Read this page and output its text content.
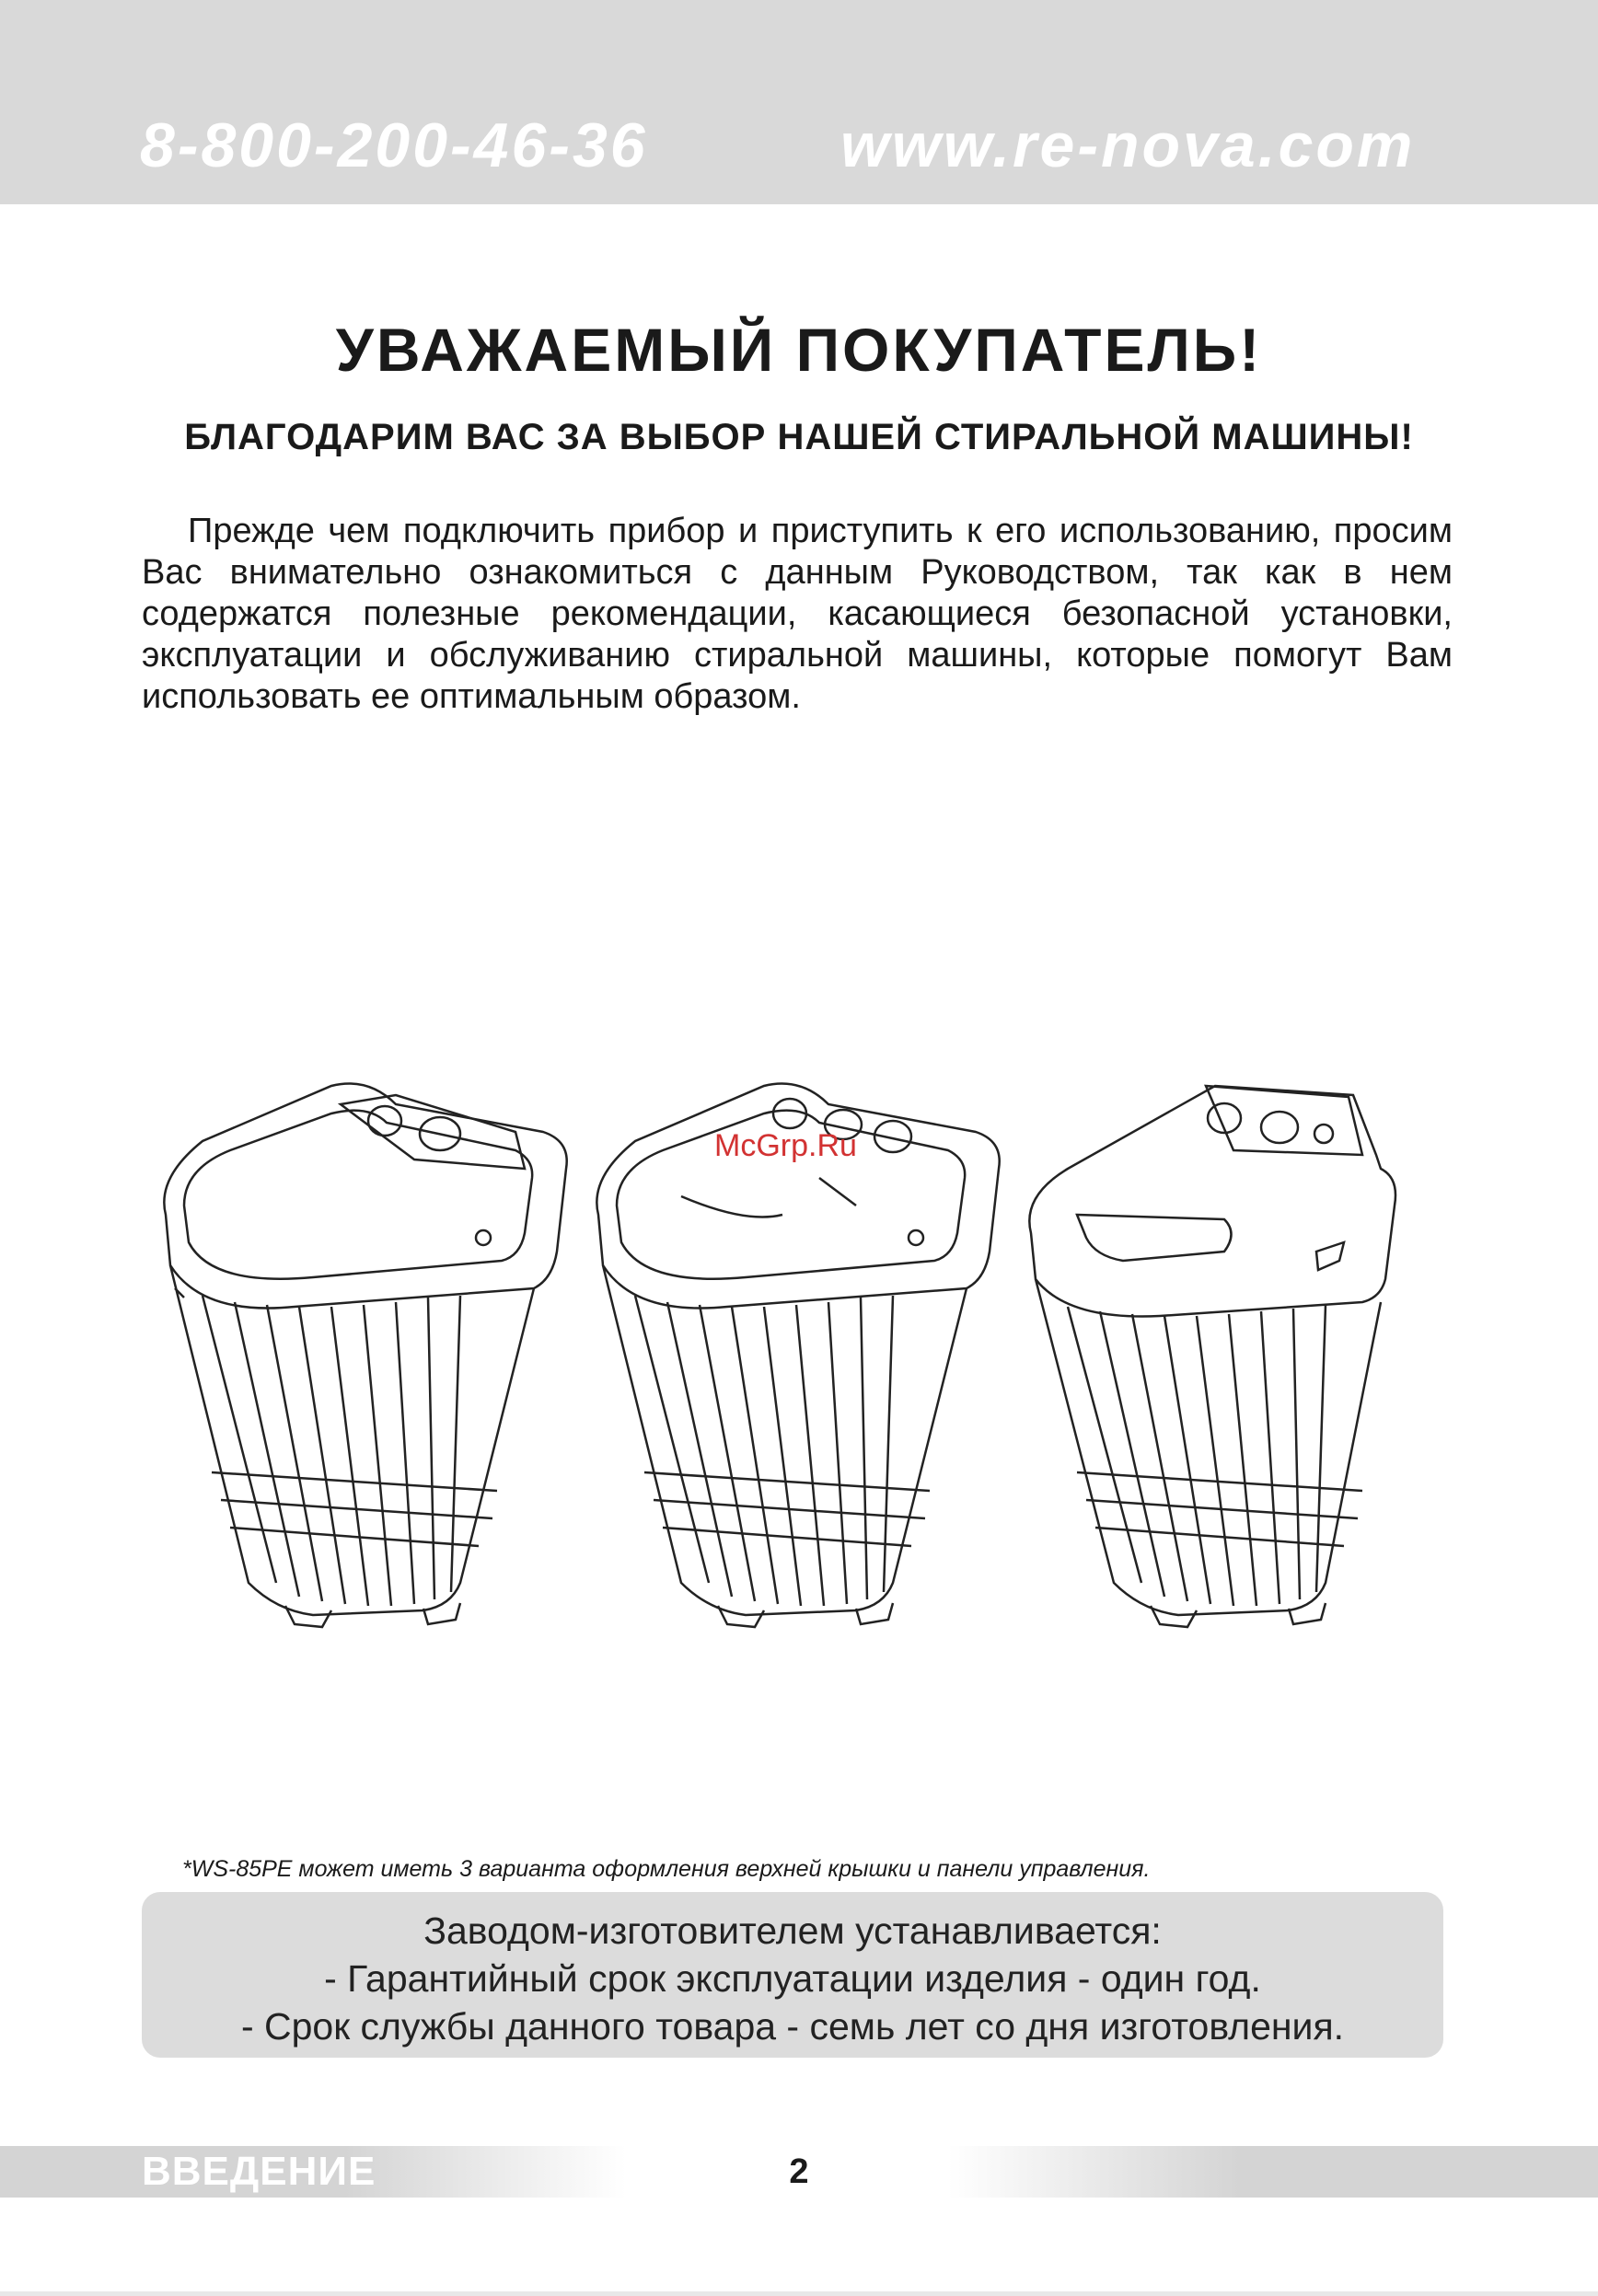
8-800-200-46-36	www.re-nova.com
УВАЖАЕМЫЙ ПОКУПАТЕЛЬ!
БЛАГОДАРИМ ВАС ЗА ВЫБОР НАШЕЙ СТИРАЛЬНОЙ МАШИНЫ!

Прежде чем подключить прибор и приступить к его использованию, просим Вас внимательно ознакомиться с данным Руководством, так как в нем содержатся полезные рекомендации, касающиеся безопасной установки, эксплуатации и обслуживанию стиральной машины, которые помогут Вам использовать ее оптимальным образом.

McGrp.Ru
*WS-85PE может иметь 3 варианта оформления верхней крышки и панели управления.
Заводом-изготовителем устанавливается:
- Гарантийный срок эксплуатации изделия - один год.
- Срок службы данного товара - семь лет со дня изготовления.
ВВЕДЕНИЕ	2
